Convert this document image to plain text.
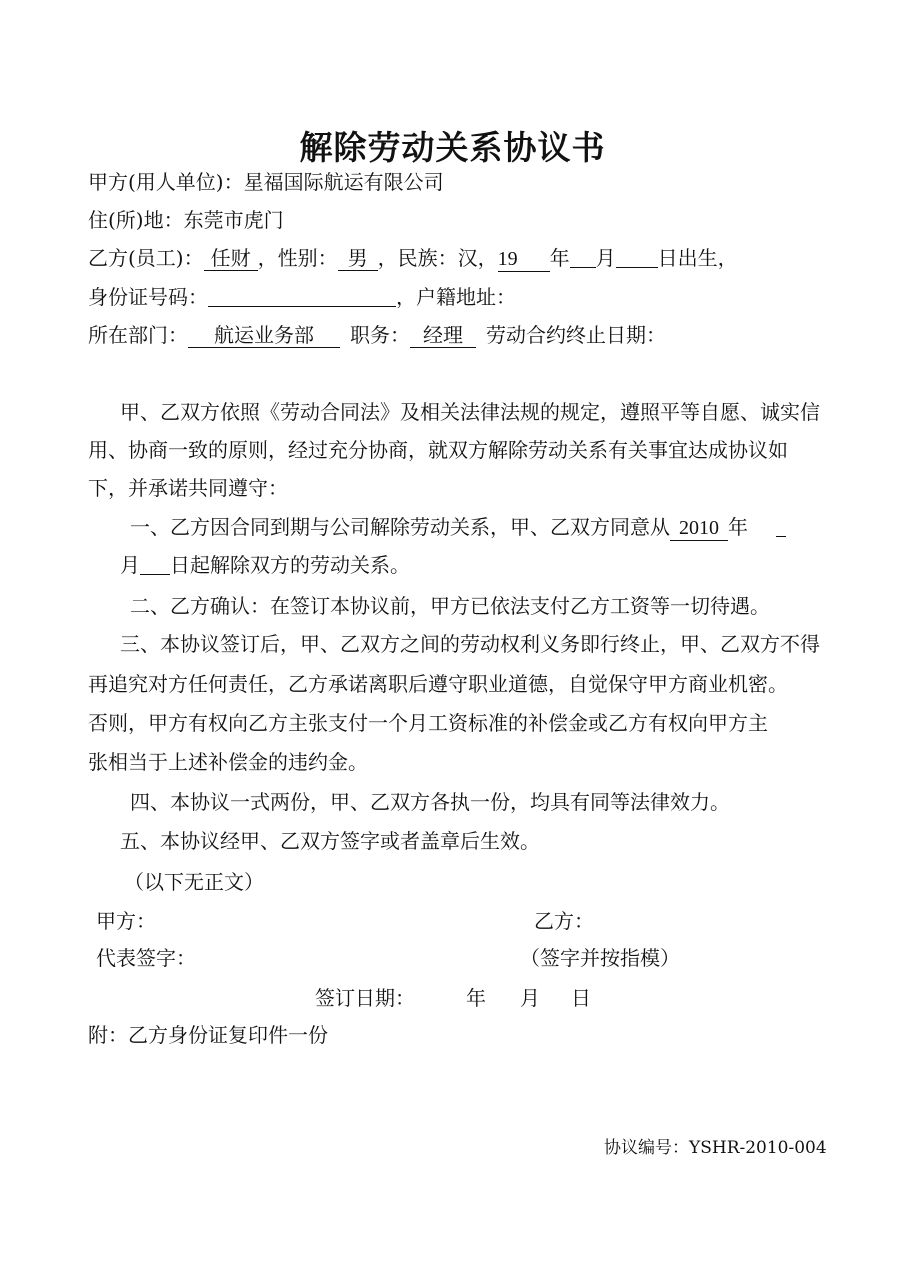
解除劳动关系协议书
甲方(用人单位)：星福国际航运有限公司
住(所)地：东莞市虎门
乙方(员工)： 任财 ，性别： 男 ，民族：汉，19 年 月 日出生，
身份证号码：	，户籍地址：
所在部门： 航运业务部 职务： 经理 劳动合约终止日期：
甲、乙双方依照《劳动合同法》及相关法律法规的规定，遵照平等自愿、诚实信
用、协商一致的原则，经过充分协商，就双方解除劳动关系有关事宜达成协议如
下，并承诺共同遵守：
一、乙方因合同到期与公司解除劳动关系，甲、乙双方同意从 2010 年
月 日起解除双方的劳动关系。
二、乙方确认：在签订本协议前，甲方已依法支付乙方工资等一切待遇。
三、本协议签订后，甲、乙双方之间的劳动权利义务即行终止，甲、乙双方不得
再追究对方任何责任，乙方承诺离职后遵守职业道德，自觉保守甲方商业机密。
否则，甲方有权向乙方主张支付一个月工资标准的补偿金或乙方有权向甲方主
张相当于上述补偿金的违约金。
四、本协议一式两份，甲、乙双方各执一份，均具有同等法律效力。
五、本协议经甲、乙双方签字或者盖章后生效。
（以下无正文）
甲方：	乙方：
代表签字：	（签字并按指模）
签订日期：	年 月 日
附：乙方身份证复印件一份
协议编号：YSHR-2010-004
